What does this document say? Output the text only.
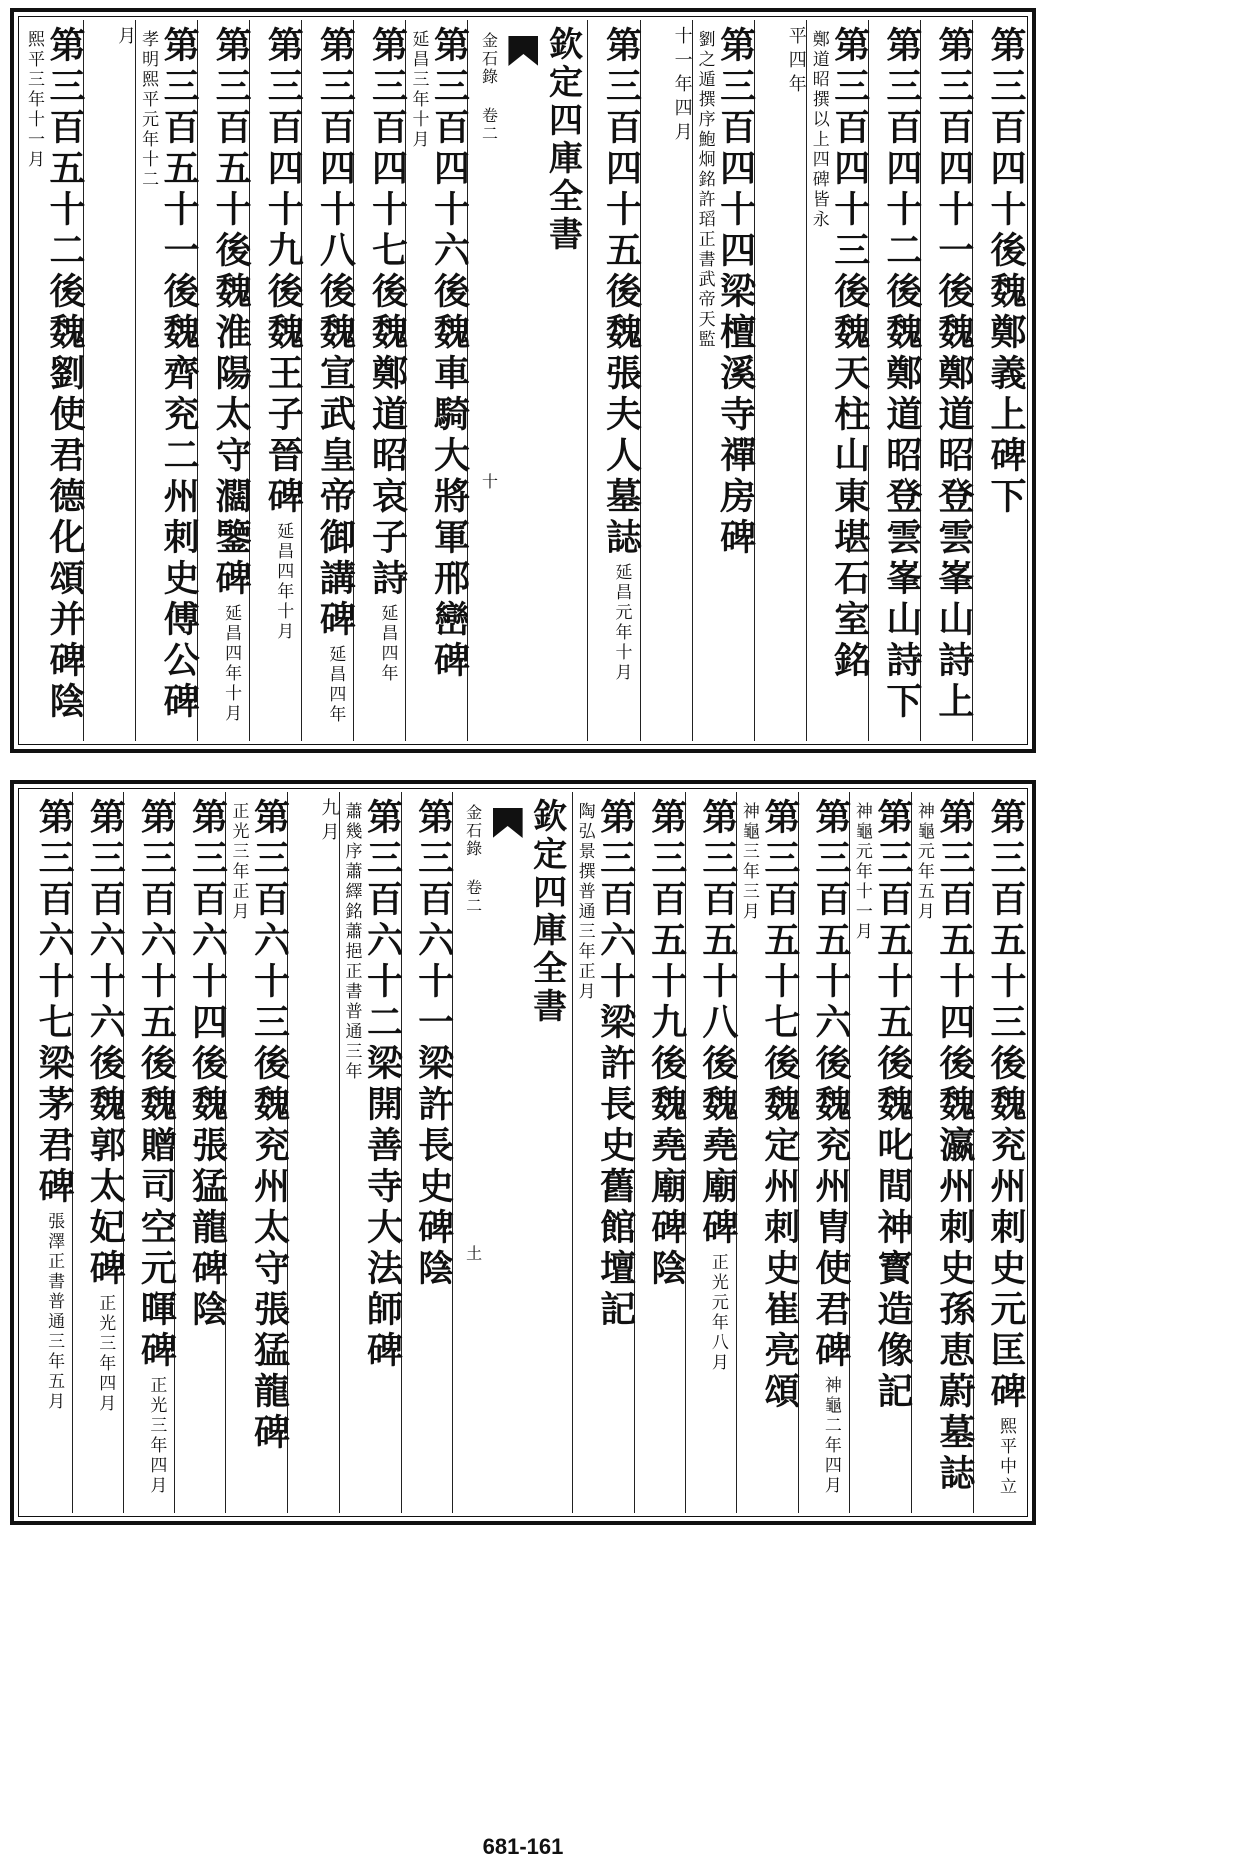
第三百四十後魏鄭義上碑下
第三百四十一後魏鄭道昭登雲峯山詩上
第三百四十二後魏鄭道昭登雲峯山詩下
第三百四十三後魏天柱山東堪石室銘鄭道昭撰以上四碑皆永
平四年
第三百四十四梁檀溪寺禪房碑劉之遁撰序鮑炯銘許瑫正書武帝天監
十一年四月
第三百四十五後魏張夫人墓誌延昌元年十月
欽定四庫全書
金石錄 卷二十
第三百四十六後魏車騎大將軍邢巒碑延昌三年十月
第三百四十七後魏鄭道昭哀子詩延昌四年
第三百四十八後魏宣武皇帝御講碑延昌四年
第三百四十九後魏王子晉碑延昌四年十月
第三百五十後魏淮陽太守𤄃鑒碑延昌四年十月
第三百五十一後魏齊兖二州刺史傅公碑孝明熙平元年十二
月
第三百五十二後魏劉使君德化頌并碑陰熙平三年十一月
第三百五十三後魏兖州刺史元匡碑熙平中立
第三百五十四後魏瀛州刺史孫恵蔚墓誌神龜元年五月
第三百五十五後魏叱間神寳造像記神龜元年十一月
第三百五十六後魏兖州胄使君碑神龜二年四月
第三百五十七後魏定州刺史崔亮頌神龜三年三月
第三百五十八後魏堯廟碑正光元年八月
第三百五十九後魏堯廟碑陰
第三百六十梁許長史舊館壇記陶弘景撰普通三年正月
欽定四庫全書
金石錄 卷二土
第三百六十一梁許長史碑陰
第三百六十二梁開善寺大法師碑蕭幾序蕭繹銘蕭挹正書普通三年
九月
第三百六十三後魏兖州太守張猛龍碑正光三年正月
第三百六十四後魏張猛龍碑陰
第三百六十五後魏贈司空元暉碑正光三年四月
第三百六十六後魏郭太妃碑正光三年四月
第三百六十七梁茅君碑張澤正書普通三年五月
681-161
